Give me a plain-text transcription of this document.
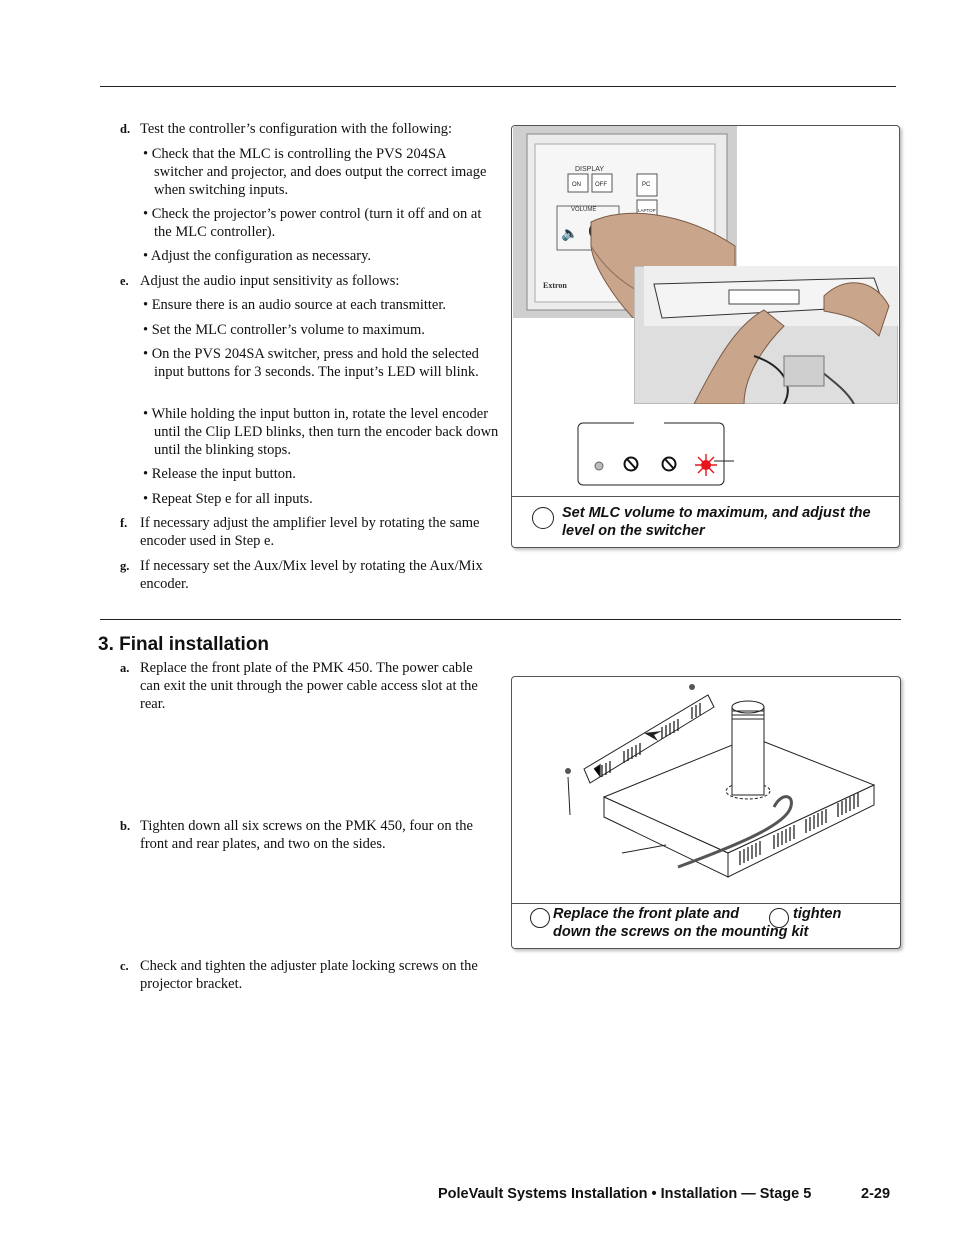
d. Test the controller’s configuration with the following:
• Check that the MLC is controlling the PVS 204SA switcher and projector, and does output the correct image when switching inputs.
• Check the projector’s power control (turn it off and on at the MLC controller).
• Adjust the configuration as necessary.
e. Adjust the audio input sensitivity as follows:
• Ensure there is an audio source at each transmitter.
• Set the MLC controller’s volume to maximum.
• On the PVS 204SA switcher, press and hold the selected input buttons for 3 seconds. The input’s LED will blink.
• While holding the input button in, rotate the level encoder until the Clip LED blinks, then turn the encoder back down until the blinking stops.
• Release the input button.
• Repeat Step e for all inputs.
f. If necessary adjust the amplifier level by rotating the same encoder used in Step e.
g. If necessary set the Aux/Mix level by rotating the Aux/Mix encoder.
DISPLAY
ON OFF	PC
LAPTOP
VOLUME
🔈
Extron
Set MLC volume to maximum, and adjust the level on the switcher
3. Final installation
a. Replace the front plate of the PMK 450. The power cable can exit the unit through the power cable access slot at the rear.
b. Tighten down all six screws on the PMK 450, four on the front and rear plates, and two on the sides.
c. Check and tighten the adjuster plate locking screws on the projector bracket.
Replace the front plate and	tighten
down the screws on the mounting kit
PoleVault Systems Installation • Installation — Stage 5	2-29
